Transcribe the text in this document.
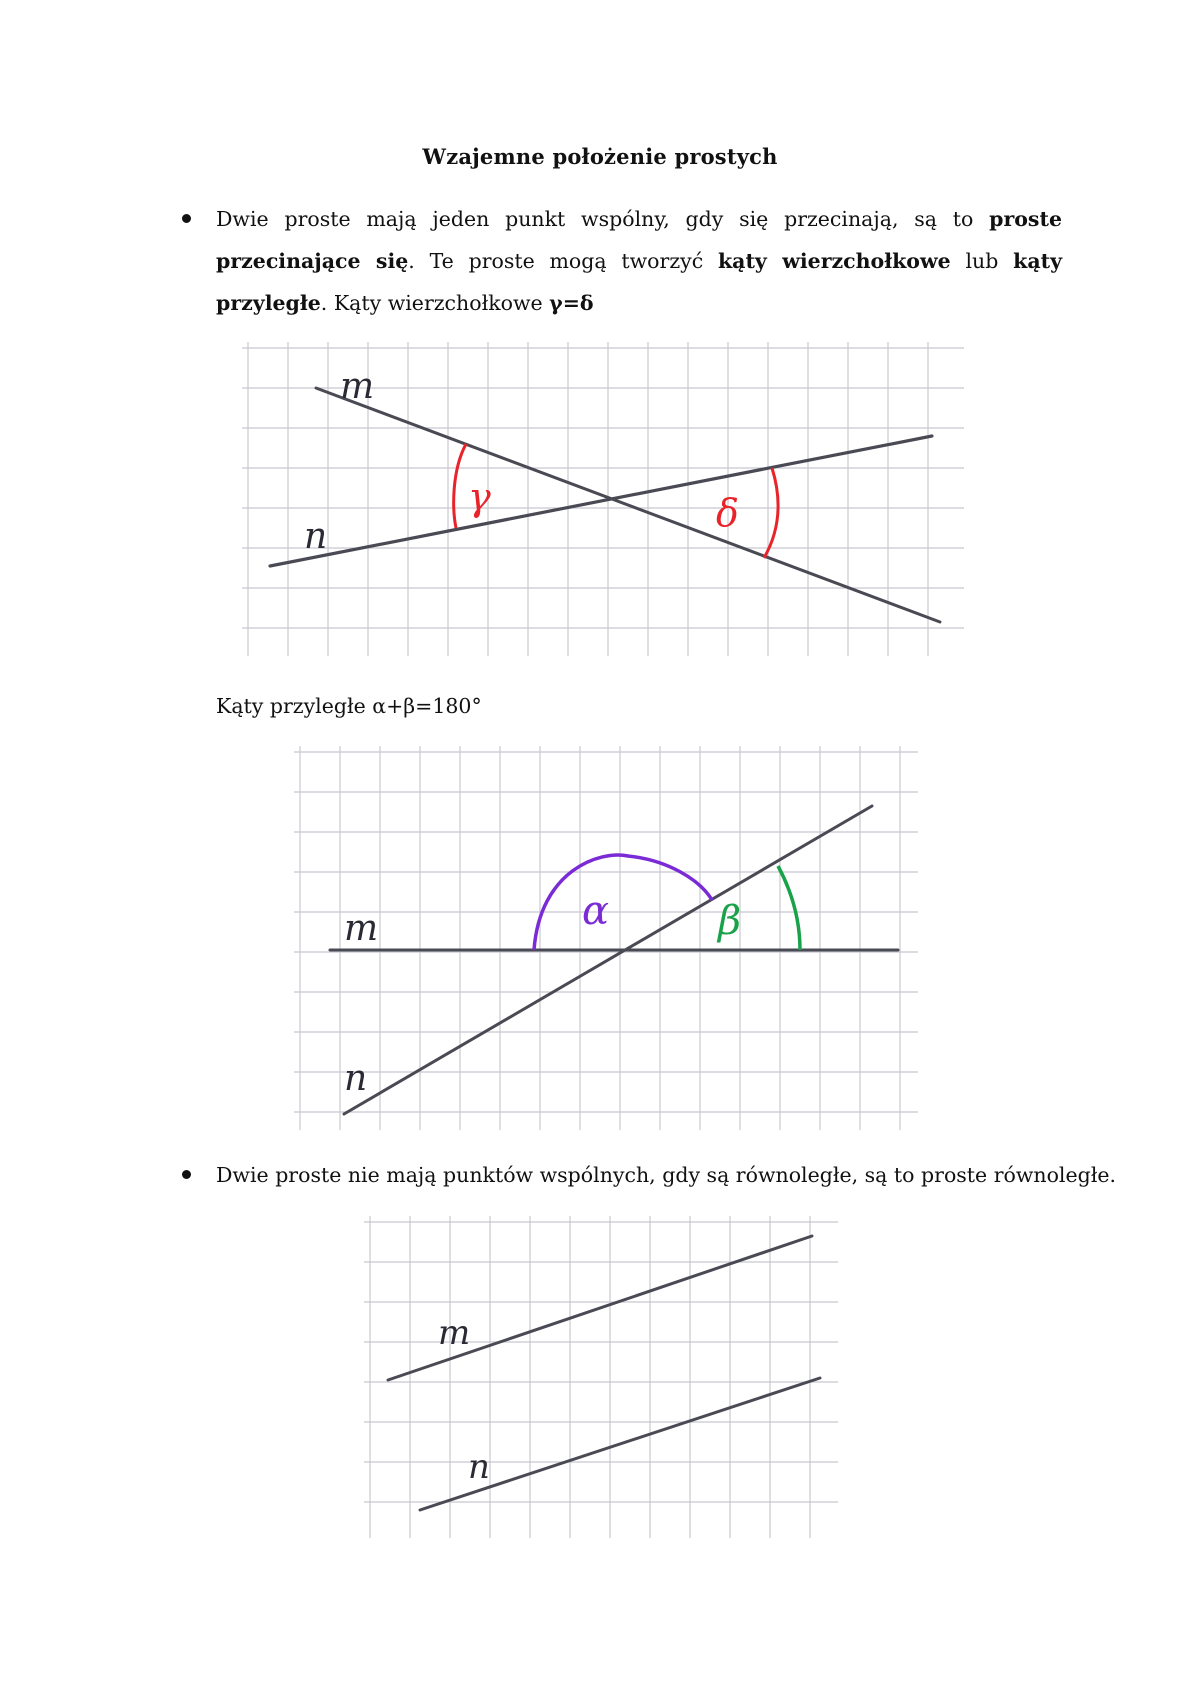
Wzajemne położenie prostych
Dwie proste mają jeden punkt wspólny, gdy się przecinają, są to proste przecinające się. Te proste mogą tworzyć kąty wierzchołkowe lub kąty przyległe. Kąty wierzchołkowe γ=δ
m
n
γ	δ
m
n
α	β
m
n
Kąty przyległe α+β=180°
Dwie proste nie mają punktów wspólnych, gdy są równoległe, są to proste równoległe.
